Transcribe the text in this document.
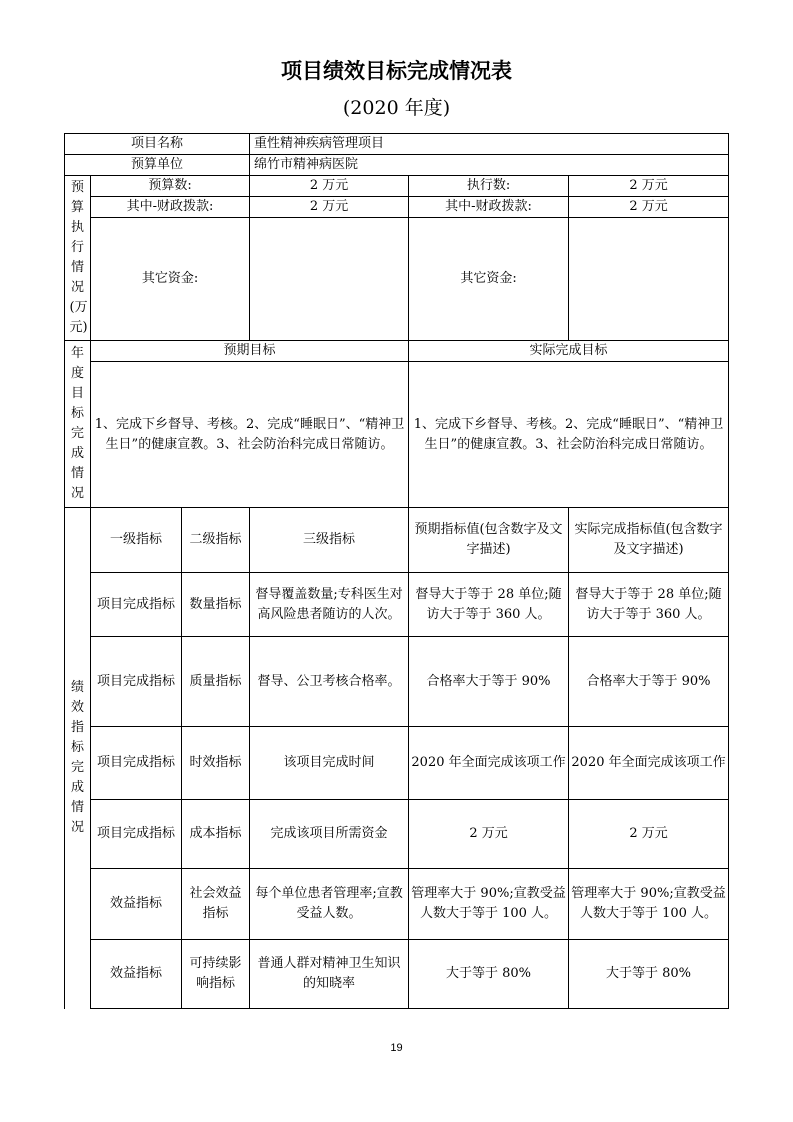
项目绩效目标完成情况表
(2020 年度)
项目名称			重性精神疾病管理项目		
预算单位			绵竹市精神病医院		

预算执行情况(万元)	预算数:		2 万元	执行数:	2 万元
	其中-财政拨款:		2 万元	其中-财政拨款:	2 万元
	其它资金:			其它资金:	

年度目标完成情况	预期目标			实际完成目标	
	1、完成下乡督导、考核。2、完成“睡眠日”、“精神卫生日”的健康宣教。3、社会防治科完成日常随访。			1、完成下乡督导、考核。2、完成“睡眠日”、“精神卫生日”的健康宣教。3、社会防治科完成日常随访。	

绩效指标完成情况	一级指标	二级指标	三级指标	预期指标值(包含数字及文字描述)	实际完成指标值(包含数字及文字描述)
	项目完成指标	数量指标	督导覆盖数量;专科医生对高风险患者随访的人次。	督导大于等于 28 单位;随访大于等于 360 人。	督导大于等于 28 单位;随访大于等于 360 人。
	项目完成指标	质量指标	督导、公卫考核合格率。	合格率大于等于 90%	合格率大于等于 90%
	项目完成指标	时效指标	该项目完成时间	2020 年全面完成该项工作	2020 年全面完成该项工作
	项目完成指标	成本指标	完成该项目所需资金	2 万元	2 万元
	效益指标	社会效益指标	每个单位患者管理率;宣教受益人数。	管理率大于 90%;宣教受益人数大于等于 100 人。	管理率大于 90%;宣教受益人数大于等于 100 人。
	效益指标	可持续影响指标	普通人群对精神卫生知识的知晓率	大于等于 80%	大于等于 80%
19
